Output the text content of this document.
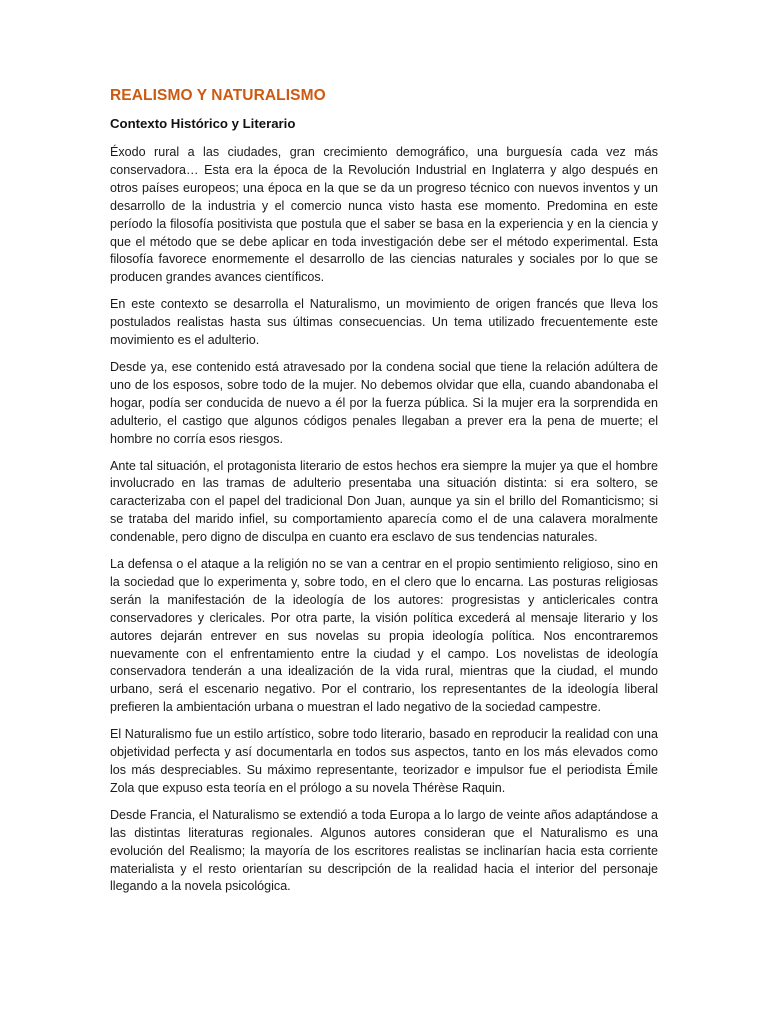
REALISMO Y NATURALISMO
Contexto Histórico y Literario

Éxodo rural a las ciudades, gran crecimiento demográfico, una burguesía cada vez más conservadora… Esta era la época de la Revolución Industrial en Inglaterra y algo después en otros países europeos; una época en la que se da un progreso técnico con nuevos inventos y un desarrollo de la industria y el comercio nunca visto hasta ese momento. Predomina en este período la filosofía positivista que postula que el saber se basa en la experiencia y en la ciencia y que el método que se debe aplicar en toda investigación debe ser el método experimental. Esta filosofía favorece enormemente el desarrollo de las ciencias naturales y sociales por lo que se producen grandes avances científicos.

En este contexto se desarrolla el Naturalismo, un movimiento de origen francés que lleva los postulados realistas hasta sus últimas consecuencias. Un tema utilizado frecuentemente este movimiento es el adulterio.

Desde ya, ese contenido está atravesado por la condena social que tiene la relación adúltera de uno de los esposos, sobre todo de la mujer. No debemos olvidar que ella, cuando abandonaba el hogar, podía ser conducida de nuevo a él por la fuerza pública. Si la mujer era la sorprendida en adulterio, el castigo que algunos códigos penales llegaban a prever era la pena de muerte; el hombre no corría esos riesgos.

Ante tal situación, el protagonista literario de estos hechos era siempre la mujer ya que el hombre involucrado en las tramas de adulterio presentaba una situación distinta: si era soltero, se caracterizaba con el papel del tradicional Don Juan, aunque ya sin el brillo del Romanticismo; si se trataba del marido infiel, su comportamiento aparecía como el de una calavera moralmente condenable, pero digno de disculpa en cuanto era esclavo de sus tendencias naturales.

La defensa o el ataque a la religión no se van a centrar en el propio sentimiento religioso, sino en la sociedad que lo experimenta y, sobre todo, en el clero que lo encarna. Las posturas religiosas serán la manifestación de la ideología de los autores: progresistas y anticlericales contra conservadores y clericales. Por otra parte, la visión política excederá al mensaje literario y los autores dejarán entrever en sus novelas su propia ideología política. Nos encontraremos nuevamente con el enfrentamiento entre la ciudad y el campo. Los novelistas de ideología conservadora tenderán a una idealización de la vida rural, mientras que la ciudad, el mundo urbano, será el escenario negativo. Por el contrario, los representantes de la ideología liberal prefieren la ambientación urbana o muestran el lado negativo de la sociedad campestre.

El Naturalismo fue un estilo artístico, sobre todo literario, basado en reproducir la realidad con una objetividad perfecta y así documentarla en todos sus aspectos, tanto en los más elevados como los más despreciables. Su máximo representante, teorizador e impulsor fue el periodista Émile Zola que expuso esta teoría en el prólogo a su novela Thérèse Raquin.

Desde Francia, el Naturalismo se extendió a toda Europa a lo largo de veinte años adaptándose a las distintas literaturas regionales. Algunos autores consideran que el Naturalismo es una evolución del Realismo; la mayoría de los escritores realistas se inclinarían hacia esta corriente materialista y el resto orientarían su descripción de la realidad hacia el interior del personaje llegando a la novela psicológica.
